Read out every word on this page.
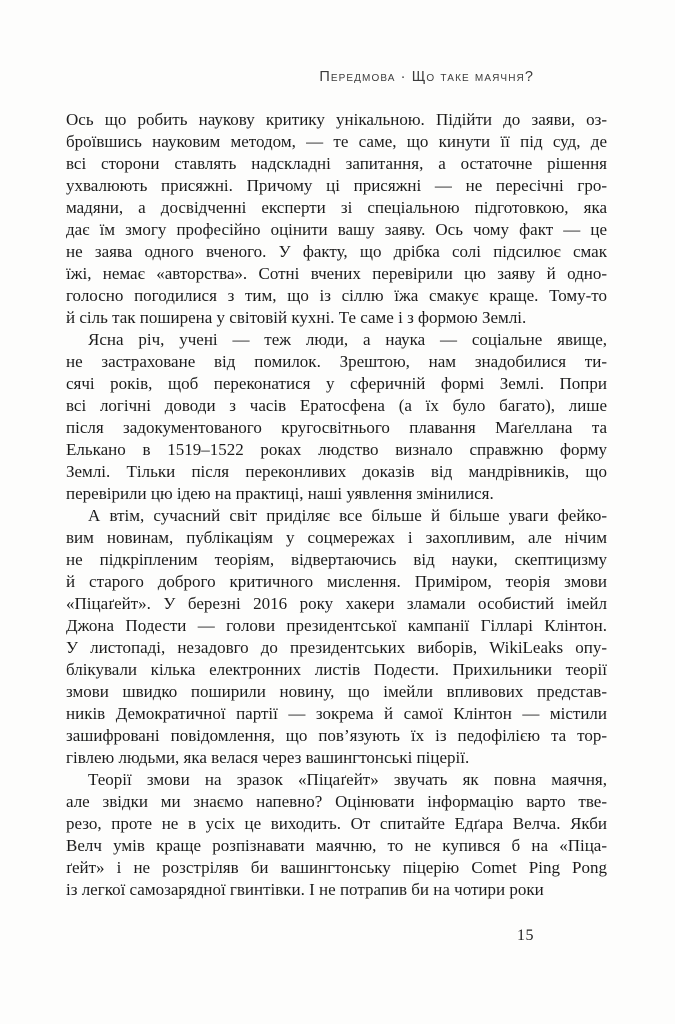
Передмова · Що таке маячня?
Ось що робить наукову критику унікальною. Підійти до заяви, оз-
броївшись науковим методом, — те саме, що кинути її під суд, де
всі сторони ставлять надскладні запитання, а остаточне рішення
ухвалюють присяжні. Причому ці присяжні — не пересічні гро-
мадяни, а досвідченні експерти зі спеціальною підготовкою, яка
дає їм змогу професійно оцінити вашу заяву. Ось чому факт — це
не заява одного вченого. У факту, що дрібка солі підсилює смак
їжі, немає «авторства». Сотні вчених перевірили цю заяву й одно-
голосно погодилися з тим, що із сіллю їжа смакує краще. Тому-то
й сіль так поширена у світовій кухні. Те саме і з формою Землі.
Ясна річ, учені — теж люди, а наука — соціальне явище,
не застраховане від помилок. Зрештою, нам знадобилися ти-
сячі років, щоб переконатися у сферичній формі Землі. Попри
всі логічні доводи з часів Ератосфена (а їх було багато), лише
після задокументованого кругосвітнього плавання Маґеллана та
Елькано в 1519–1522 роках людство визнало справжню форму
Землі. Тільки після переконливих доказів від мандрівників, що
перевірили цю ідею на практиці, наші уявлення змінилися.
А втім, сучасний світ приділяє все більше й більше уваги фейко-
вим новинам, публікаціям у соцмережах і захопливим, але нічим
не підкріпленим теоріям, відвертаючись від науки, скептицизму
й старого доброго критичного мислення. Приміром, теорія змови
«Піцаґейт». У березні 2016 року хакери зламали особистий імейл
Джона Подести — голови президентської кампанії Гілларі Клінтон.
У листопаді, незадовго до президентських виборів, WikiLeaks опу-
блікували кілька електронних листів Подести. Прихильники теорії
змови швидко поширили новину, що імейли впливових представ-
ників Демократичної партії — зокрема й самої Клінтон — містили
зашифровані повідомлення, що пов’язують їх із педофілією та тор-
гівлею людьми, яка велася через вашингтонські піцерії.
Теорії змови на зразок «Піцаґейт» звучать як повна маячня,
але звідки ми знаємо напевно? Оцінювати інформацію варто тве-
резо, проте не в усіх це виходить. От спитайте Едґара Велча. Якби
Велч умів краще розпізнавати маячню, то не купився б на «Піца-
ґейт» і не розстріляв би вашингтонську піцерію Comet Ping Pong
із легкої самозарядної гвинтівки. І не потрапив би на чотири роки
15
